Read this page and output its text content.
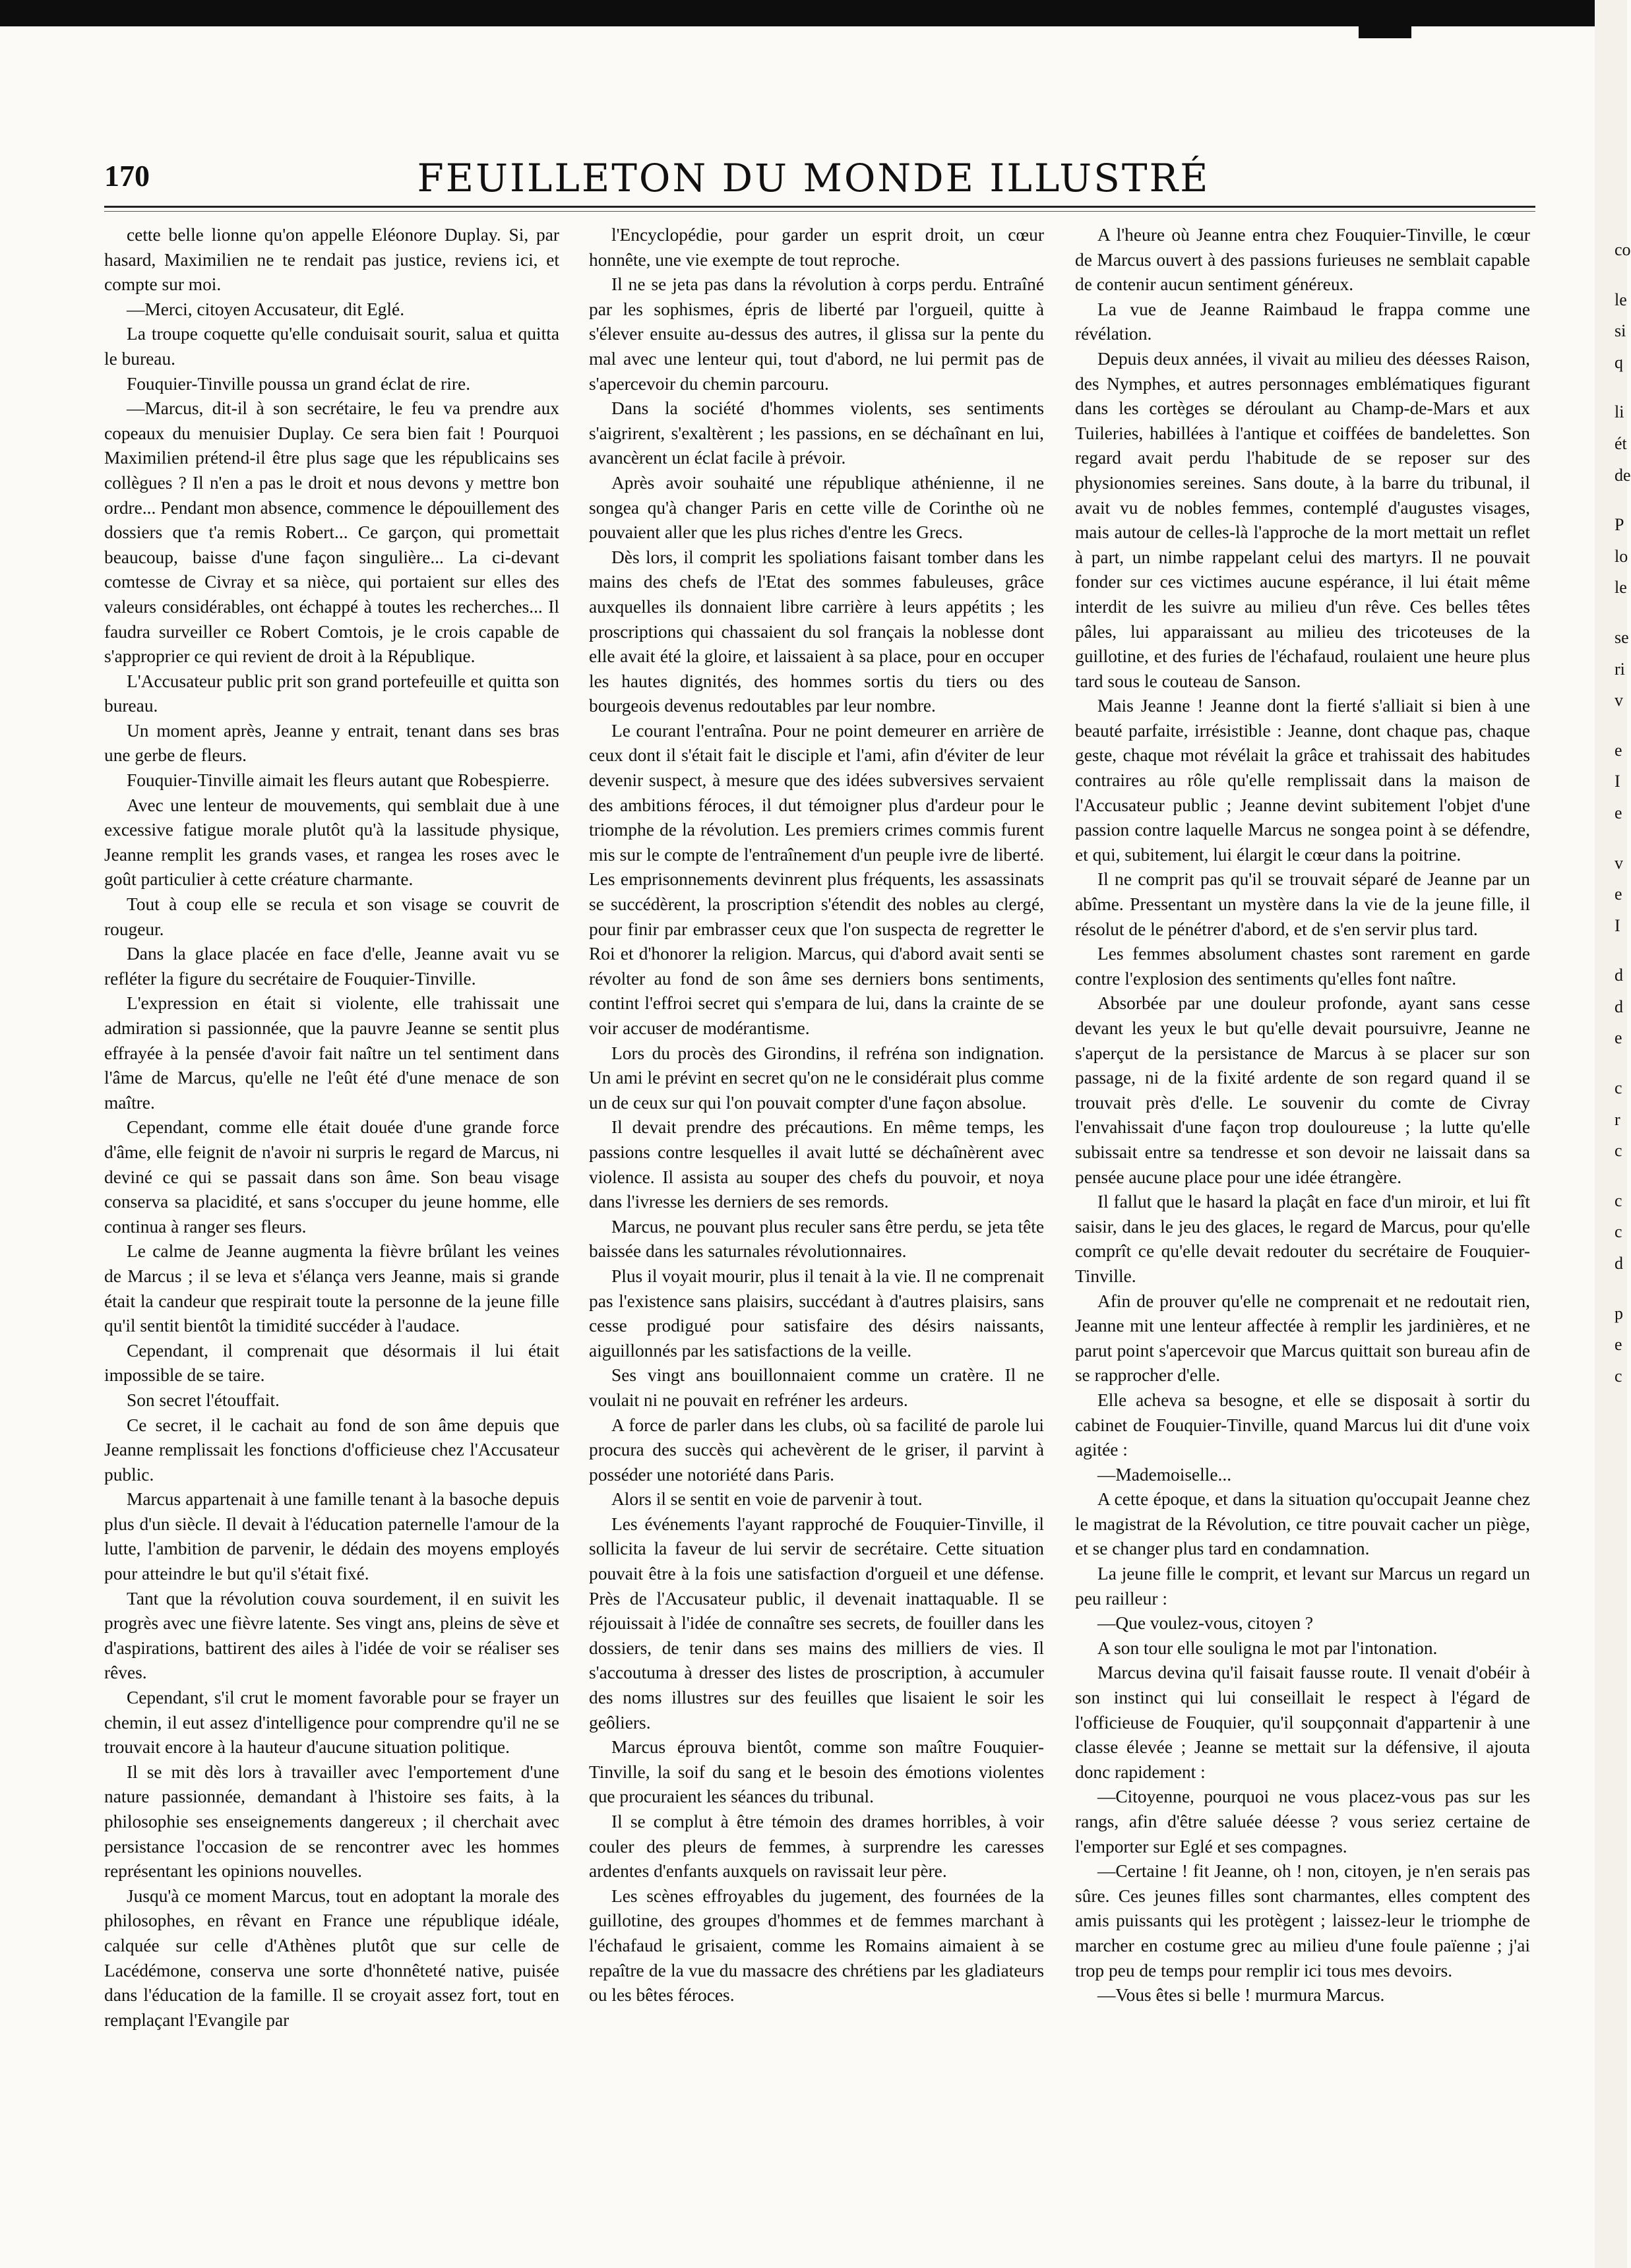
170	FEUILLETON DU MONDE ILLUSTRÉ

cette belle lionne qu'on appelle Eléonore Duplay. Si, par hasard, Maximilien ne te rendait pas justice, reviens ici, et compte sur moi.

—Merci, citoyen Accusateur, dit Eglé.

La troupe coquette qu'elle conduisait sourit, salua et quitta le bureau.

Fouquier-Tinville poussa un grand éclat de rire.

—Marcus, dit-il à son secrétaire, le feu va prendre aux copeaux du menuisier Duplay. Ce sera bien fait ! Pourquoi Maximilien prétend-il être plus sage que les républicains ses collègues ? Il n'en a pas le droit et nous devons y mettre bon ordre... Pendant mon absence, commence le dépouillement des dossiers que t'a remis Robert... Ce garçon, qui promettait beaucoup, baisse d'une façon singulière... La ci-devant comtesse de Civray et sa nièce, qui portaient sur elles des valeurs considérables, ont échappé à toutes les recherches... Il faudra surveiller ce Robert Comtois, je le crois capable de s'approprier ce qui revient de droit à la République.

L'Accusateur public prit son grand portefeuille et quitta son bureau.

Un moment après, Jeanne y entrait, tenant dans ses bras une gerbe de fleurs.

Fouquier-Tinville aimait les fleurs autant que Robespierre.

Avec une lenteur de mouvements, qui semblait due à une excessive fatigue morale plutôt qu'à la lassitude physique, Jeanne remplit les grands vases, et rangea les roses avec le goût particulier à cette créature charmante.

Tout à coup elle se recula et son visage se couvrit de rougeur.

Dans la glace placée en face d'elle, Jeanne avait vu se refléter la figure du secrétaire de Fouquier-Tinville.

L'expression en était si violente, elle trahissait une admiration si passionnée, que la pauvre Jeanne se sentit plus effrayée à la pensée d'avoir fait naître un tel sentiment dans l'âme de Marcus, qu'elle ne l'eût été d'une menace de son maître.

Cependant, comme elle était douée d'une grande force d'âme, elle feignit de n'avoir ni surpris le regard de Marcus, ni deviné ce qui se passait dans son âme. Son beau visage conserva sa placidité, et sans s'occuper du jeune homme, elle continua à ranger ses fleurs.

Le calme de Jeanne augmenta la fièvre brûlant les veines de Marcus ; il se leva et s'élança vers Jeanne, mais si grande était la candeur que respirait toute la personne de la jeune fille qu'il sentit bientôt la timidité succéder à l'audace.

Cependant, il comprenait que désormais il lui était impossible de se taire.

Son secret l'étouffait.

Ce secret, il le cachait au fond de son âme depuis que Jeanne remplissait les fonctions d'officieuse chez l'Accusateur public.

Marcus appartenait à une famille tenant à la basoche depuis plus d'un siècle. Il devait à l'éducation paternelle l'amour de la lutte, l'ambition de parvenir, le dédain des moyens employés pour atteindre le but qu'il s'était fixé.

Tant que la révolution couva sourdement, il en suivit les progrès avec une fièvre latente. Ses vingt ans, pleins de sève et d'aspirations, battirent des ailes à l'idée de voir se réaliser ses rêves.

Cependant, s'il crut le moment favorable pour se frayer un chemin, il eut assez d'intelligence pour comprendre qu'il ne se trouvait encore à la hauteur d'aucune situation politique.

Il se mit dès lors à travailler avec l'emportement d'une nature passionnée, demandant à l'histoire ses faits, à la philosophie ses enseignements dangereux ; il cherchait avec persistance l'occasion de se rencontrer avec les hommes représentant les opinions nouvelles.

Jusqu'à ce moment Marcus, tout en adoptant la morale des philosophes, en rêvant en France une république idéale, calquée sur celle d'Athènes plutôt que sur celle de Lacédémone, conserva une sorte d'honnêteté native, puisée dans l'éducation de la famille. Il se croyait assez fort, tout en remplaçant l'Evangile par

l'Encyclopédie, pour garder un esprit droit, un cœur honnête, une vie exempte de tout reproche.

Il ne se jeta pas dans la révolution à corps perdu. Entraîné par les sophismes, épris de liberté par l'orgueil, quitte à s'élever ensuite au-dessus des autres, il glissa sur la pente du mal avec une lenteur qui, tout d'abord, ne lui permit pas de s'apercevoir du chemin parcouru.

Dans la société d'hommes violents, ses sentiments s'aigrirent, s'exaltèrent ; les passions, en se déchaînant en lui, avancèrent un éclat facile à prévoir.

Après avoir souhaité une république athénienne, il ne songea qu'à changer Paris en cette ville de Corinthe où ne pouvaient aller que les plus riches d'entre les Grecs.

Dès lors, il comprit les spoliations faisant tomber dans les mains des chefs de l'Etat des sommes fabuleuses, grâce auxquelles ils donnaient libre carrière à leurs appétits ; les proscriptions qui chassaient du sol français la noblesse dont elle avait été la gloire, et laissaient à sa place, pour en occuper les hautes dignités, des hommes sortis du tiers ou des bourgeois devenus redoutables par leur nombre.

Le courant l'entraîna. Pour ne point demeurer en arrière de ceux dont il s'était fait le disciple et l'ami, afin d'éviter de leur devenir suspect, à mesure que des idées subversives servaient des ambitions féroces, il dut témoigner plus d'ardeur pour le triomphe de la révolution. Les premiers crimes commis furent mis sur le compte de l'entraînement d'un peuple ivre de liberté. Les emprisonnements devinrent plus fréquents, les assassinats se succédèrent, la proscription s'étendit des nobles au clergé, pour finir par embrasser ceux que l'on suspecta de regretter le Roi et d'honorer la religion. Marcus, qui d'abord avait senti se révolter au fond de son âme ses derniers bons sentiments, contint l'effroi secret qui s'empara de lui, dans la crainte de se voir accuser de modérantisme.

Lors du procès des Girondins, il refréna son indignation. Un ami le prévint en secret qu'on ne le considérait plus comme un de ceux sur qui l'on pouvait compter d'une façon absolue.

Il devait prendre des précautions. En même temps, les passions contre lesquelles il avait lutté se déchaînèrent avec violence. Il assista au souper des chefs du pouvoir, et noya dans l'ivresse les derniers de ses remords.

Marcus, ne pouvant plus reculer sans être perdu, se jeta tête baissée dans les saturnales révolutionnaires.

Plus il voyait mourir, plus il tenait à la vie. Il ne comprenait pas l'existence sans plaisirs, succédant à d'autres plaisirs, sans cesse prodigué pour satisfaire des désirs naissants, aiguillonnés par les satisfactions de la veille.

Ses vingt ans bouillonnaient comme un cratère. Il ne voulait ni ne pouvait en refréner les ardeurs.

A force de parler dans les clubs, où sa facilité de parole lui procura des succès qui achevèrent de le griser, il parvint à posséder une notoriété dans Paris.

Alors il se sentit en voie de parvenir à tout.

Les événements l'ayant rapproché de Fouquier-Tinville, il sollicita la faveur de lui servir de secrétaire. Cette situation pouvait être à la fois une satisfaction d'orgueil et une défense. Près de l'Accusateur public, il devenait inattaquable. Il se réjouissait à l'idée de connaître ses secrets, de fouiller dans les dossiers, de tenir dans ses mains des milliers de vies. Il s'accoutuma à dresser des listes de proscription, à accumuler des noms illustres sur des feuilles que lisaient le soir les geôliers.

Marcus éprouva bientôt, comme son maître Fouquier-Tinville, la soif du sang et le besoin des émotions violentes que procuraient les séances du tribunal.

Il se complut à être témoin des drames horribles, à voir couler des pleurs de femmes, à surprendre les caresses ardentes d'enfants auxquels on ravissait leur père.

Les scènes effroyables du jugement, des fournées de la guillotine, des groupes d'hommes et de femmes marchant à l'échafaud le grisaient, comme les Romains aimaient à se repaître de la vue du massacre des chrétiens par les gladiateurs ou les bêtes féroces.

A l'heure où Jeanne entra chez Fouquier-Tinville, le cœur de Marcus ouvert à des passions furieuses ne semblait capable de contenir aucun sentiment généreux.

La vue de Jeanne Raimbaud le frappa comme une révélation.

Depuis deux années, il vivait au milieu des déesses Raison, des Nymphes, et autres personnages emblématiques figurant dans les cortèges se déroulant au Champ-de-Mars et aux Tuileries, habillées à l'antique et coiffées de bandelettes. Son regard avait perdu l'habitude de se reposer sur des physionomies sereines. Sans doute, à la barre du tribunal, il avait vu de nobles femmes, contemplé d'augustes visages, mais autour de celles-là l'approche de la mort mettait un reflet à part, un nimbe rappelant celui des martyrs. Il ne pouvait fonder sur ces victimes aucune espérance, il lui était même interdit de les suivre au milieu d'un rêve. Ces belles têtes pâles, lui apparaissant au milieu des tricoteuses de la guillotine, et des furies de l'échafaud, roulaient une heure plus tard sous le couteau de Sanson.

Mais Jeanne ! Jeanne dont la fierté s'alliait si bien à une beauté parfaite, irrésistible : Jeanne, dont chaque pas, chaque geste, chaque mot révélait la grâce et trahissait des habitudes contraires au rôle qu'elle remplissait dans la maison de l'Accusateur public ; Jeanne devint subitement l'objet d'une passion contre laquelle Marcus ne songea point à se défendre, et qui, subitement, lui élargit le cœur dans la poitrine.

Il ne comprit pas qu'il se trouvait séparé de Jeanne par un abîme. Pressentant un mystère dans la vie de la jeune fille, il résolut de le pénétrer d'abord, et de s'en servir plus tard.

Les femmes absolument chastes sont rarement en garde contre l'explosion des sentiments qu'elles font naître.

Absorbée par une douleur profonde, ayant sans cesse devant les yeux le but qu'elle devait poursuivre, Jeanne ne s'aperçut de la persistance de Marcus à se placer sur son passage, ni de la fixité ardente de son regard quand il se trouvait près d'elle. Le souvenir du comte de Civray l'envahissait d'une façon trop douloureuse ; la lutte qu'elle subissait entre sa tendresse et son devoir ne laissait dans sa pensée aucune place pour une idée étrangère.

Il fallut que le hasard la plaçât en face d'un miroir, et lui fît saisir, dans le jeu des glaces, le regard de Marcus, pour qu'elle comprît ce qu'elle devait redouter du secrétaire de Fouquier-Tinville.

Afin de prouver qu'elle ne comprenait et ne redoutait rien, Jeanne mit une lenteur affectée à remplir les jardinières, et ne parut point s'apercevoir que Marcus quittait son bureau afin de se rapprocher d'elle.

Elle acheva sa besogne, et elle se disposait à sortir du cabinet de Fouquier-Tinville, quand Marcus lui dit d'une voix agitée :

—Mademoiselle...

A cette époque, et dans la situation qu'occupait Jeanne chez le magistrat de la Révolution, ce titre pouvait cacher un piège, et se changer plus tard en condamnation.

La jeune fille le comprit, et levant sur Marcus un regard un peu railleur :

—Que voulez-vous, citoyen ?

A son tour elle souligna le mot par l'intonation.

Marcus devina qu'il faisait fausse route. Il venait d'obéir à son instinct qui lui conseillait le respect à l'égard de l'officieuse de Fouquier, qu'il soupçonnait d'appartenir à une classe élevée ; Jeanne se mettait sur la défensive, il ajouta donc rapidement :

—Citoyenne, pourquoi ne vous placez-vous pas sur les rangs, afin d'être saluée déesse ? vous seriez certaine de l'emporter sur Eglé et ses compagnes.

—Certaine ! fit Jeanne, oh ! non, citoyen, je n'en serais pas sûre. Ces jeunes filles sont charmantes, elles comptent des amis puissants qui les protègent ; laissez-leur le triomphe de marcher en costume grec au milieu d'une foule païenne ; j'ai trop peu de temps pour remplir ici tous mes devoirs.

—Vous êtes si belle ! murmura Marcus.

co
le
si
q
li
ét
de
P
lo
le
se
ri
v
e
I
e
v
e
I
d
d
e
c
r
c
c
c
d
p
e
c
